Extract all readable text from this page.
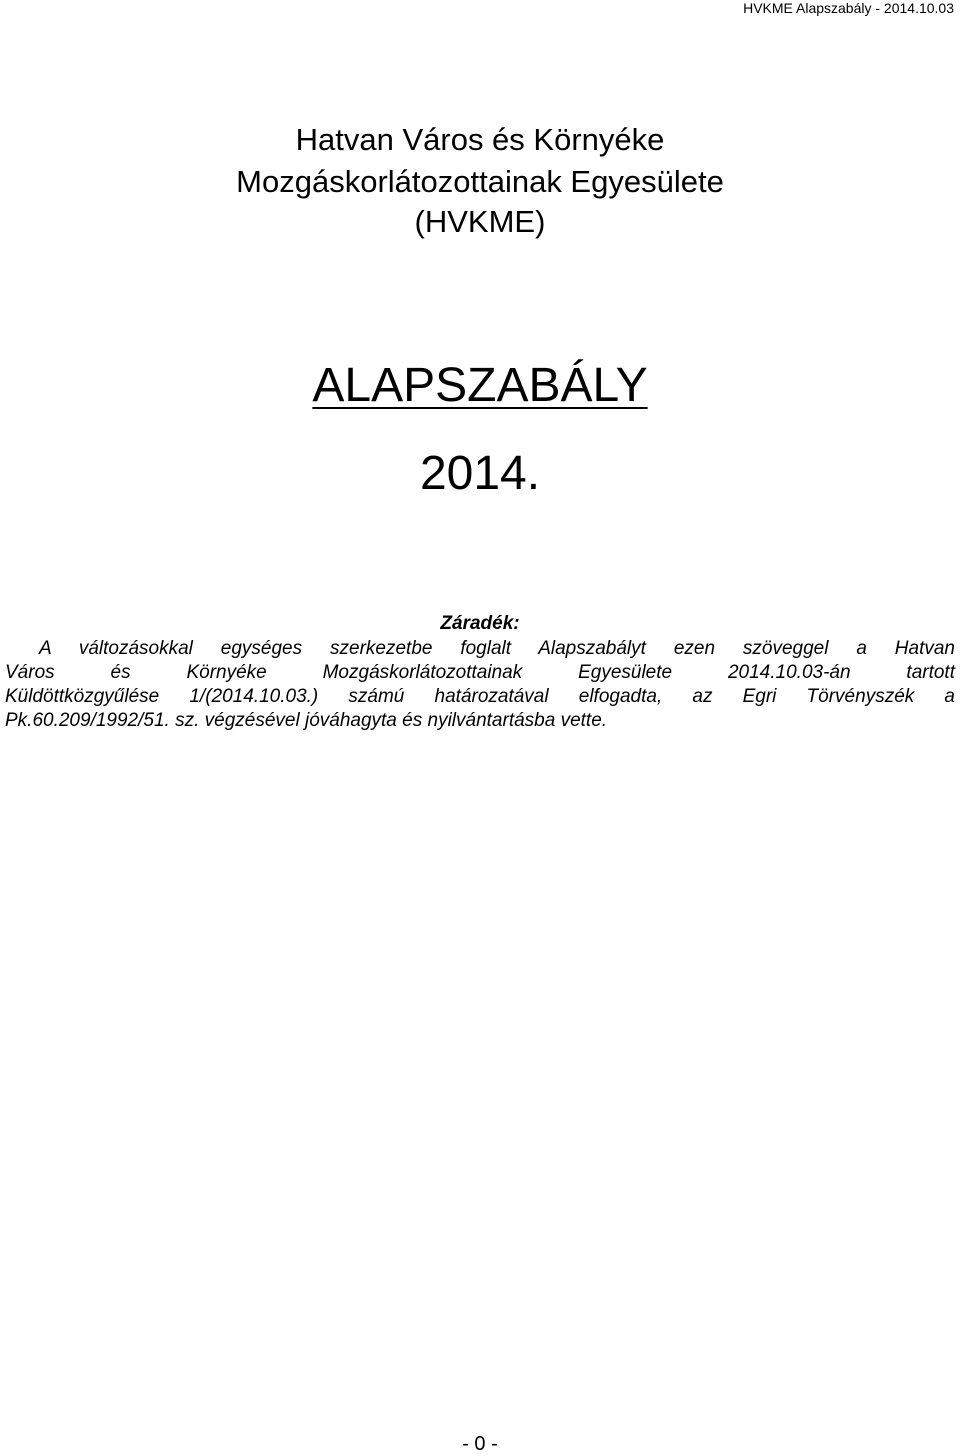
HVKME Alapszabály - 2014.10.03
Hatvan Város és Környéke
Mozgáskorlátozottainak Egyesülete
(HVKME)
ALAPSZABÁLY
2014.
Záradék:
A változásokkal egységes szerkezetbe foglalt Alapszabályt ezen szöveggel a Hatvan
Város és Környéke Mozgáskorlátozottainak Egyesülete 2014.10.03-án tartott
Küldöttközgyűlése 1/(2014.10.03.) számú határozatával elfogadta, az Egri Törvényszék a
Pk.60.209/1992/51. sz. végzésével jóváhagyta és nyilvántartásba vette.
- 0 -
